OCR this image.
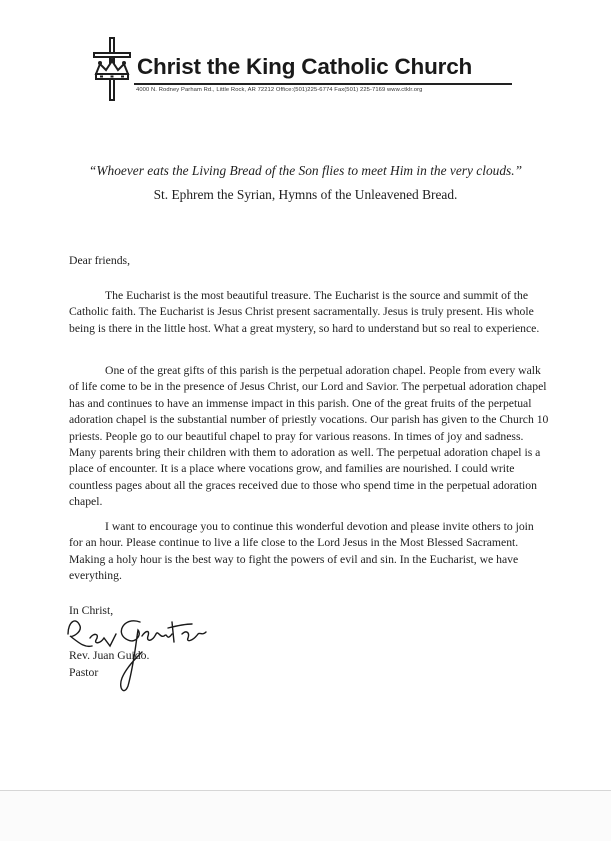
Christ the King Catholic Church
4000 N. Rodney Parham Rd., Little Rock, AR 72212 Office:(501)225-6774 Fax(501) 225-7169 www.ctklr.org
“Whoever eats the Living Bread of the Son flies to meet Him in the very clouds.”
St. Ephrem the Syrian, Hymns of the Unleavened Bread.
Dear friends,
The Eucharist is the most beautiful treasure. The Eucharist is the source and summit of the Catholic faith. The Eucharist is Jesus Christ present sacramentally. Jesus is truly present. His whole being is there in the little host. What a great mystery, so hard to understand but so real to experience.
One of the great gifts of this parish is the perpetual adoration chapel. People from every walk of life come to be in the presence of Jesus Christ, our Lord and Savior. The perpetual adoration chapel has and continues to have an immense impact in this parish. One of the great fruits of the perpetual adoration chapel is the substantial number of priestly vocations. Our parish has given to the Church 10 priests. People go to our beautiful chapel to pray for various reasons. In times of joy and sadness. Many parents bring their children with them to adoration as well. The perpetual adoration chapel is a place of encounter. It is a place where vocations grow, and families are nourished. I could write countless pages about all the graces received due to those who spend time in the perpetual adoration chapel.
I want to encourage you to continue this wonderful devotion and please invite others to join for an hour. Please continue to live a life close to the Lord Jesus in the Most Blessed Sacrament. Making a holy hour is the best way to fight the powers of evil and sin. In the Eucharist, we have everything.
In Christ,
Rev. Juan Guido.
Pastor
